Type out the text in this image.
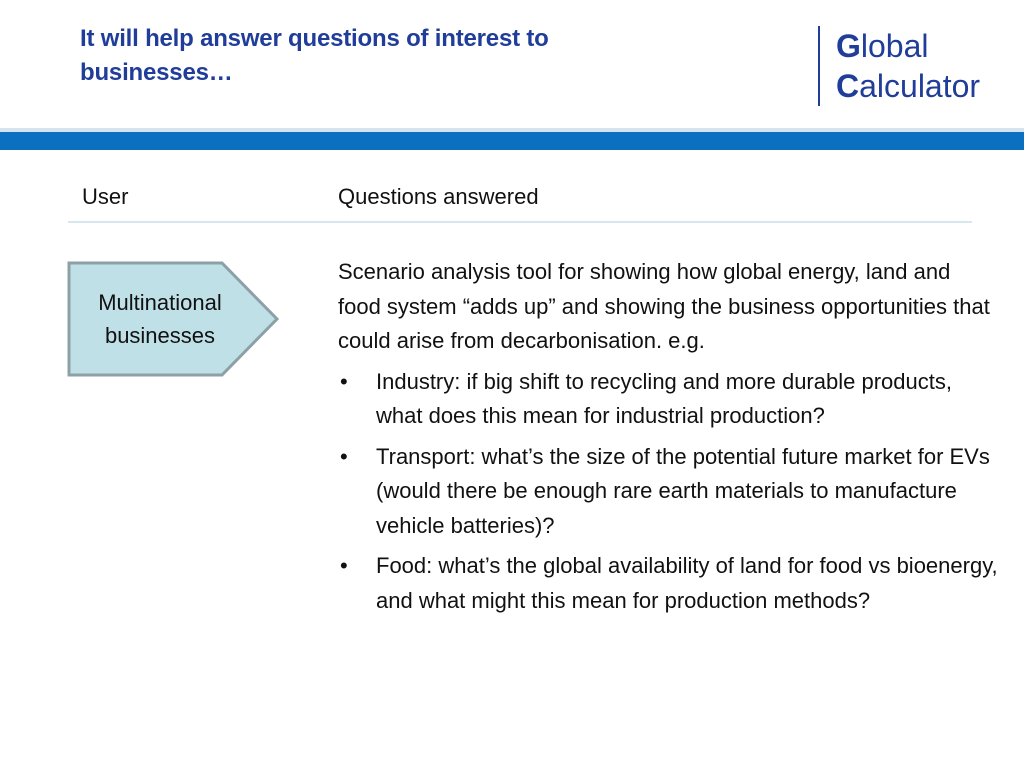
It will help answer questions of interest to businesses…
Global
Calculator
User	Questions answered
Multinational
businesses

Scenario analysis tool for showing how global energy, land and food system “adds up” and showing the business opportunities that could arise from decarbonisation. e.g.

• Industry: if big shift to recycling and more durable products, what does this mean for industrial production?
• Transport: what’s the size of the potential future market for EVs (would there be enough rare earth materials to manufacture vehicle batteries)?
• Food: what’s the global availability of land for food vs bioenergy, and what might this mean for production methods?
